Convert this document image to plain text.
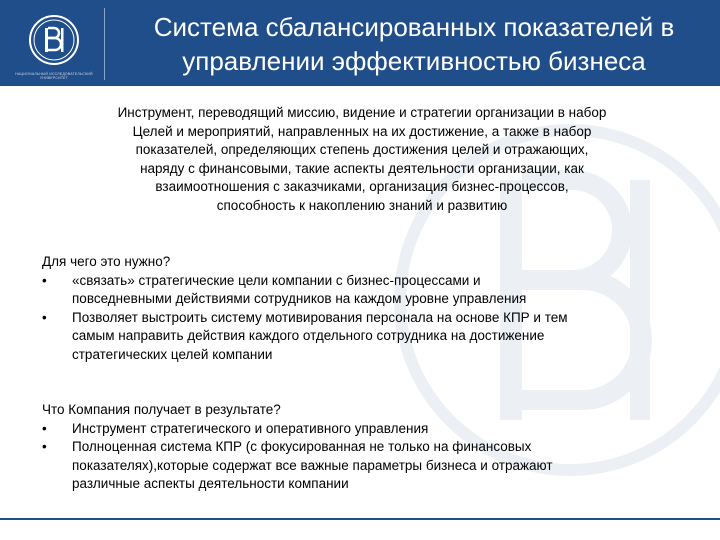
НАЦИОНАЛЬНЫЙ ИССЛЕДОВАТЕЛЬСКИЙ УНИВЕРСИТЕТ
Система сбалансированных показателей в
управлении эффективностью бизнеса
Инструмент, переводящий миссию, видение и стратегии организации в набор
Целей и мероприятий, направленных на их достижение, а также в набор
показателей, определяющих степень достижения целей и отражающих,
наряду с финансовыми, такие аспекты деятельности организации, как
взаимоотношения с заказчиками, организация бизнес-процессов,
способность к накоплению знаний и развитию
Для чего это нужно?
• «связать» стратегические цели компании с бизнес-процессами и
повседневными действиями сотрудников на каждом уровне управления
• Позволяет выстроить систему мотивирования персонала на основе КПР и тем
самым направить действия каждого отдельного сотрудника на достижение
стратегических целей компании
Что Компания получает в результате?
• Инструмент стратегического и оперативного управления
• Полноценная система КПР (с фокусированная не только на финансовых
показателях),которые содержат все важные параметры бизнеса и отражают
различные аспекты деятельности компании
